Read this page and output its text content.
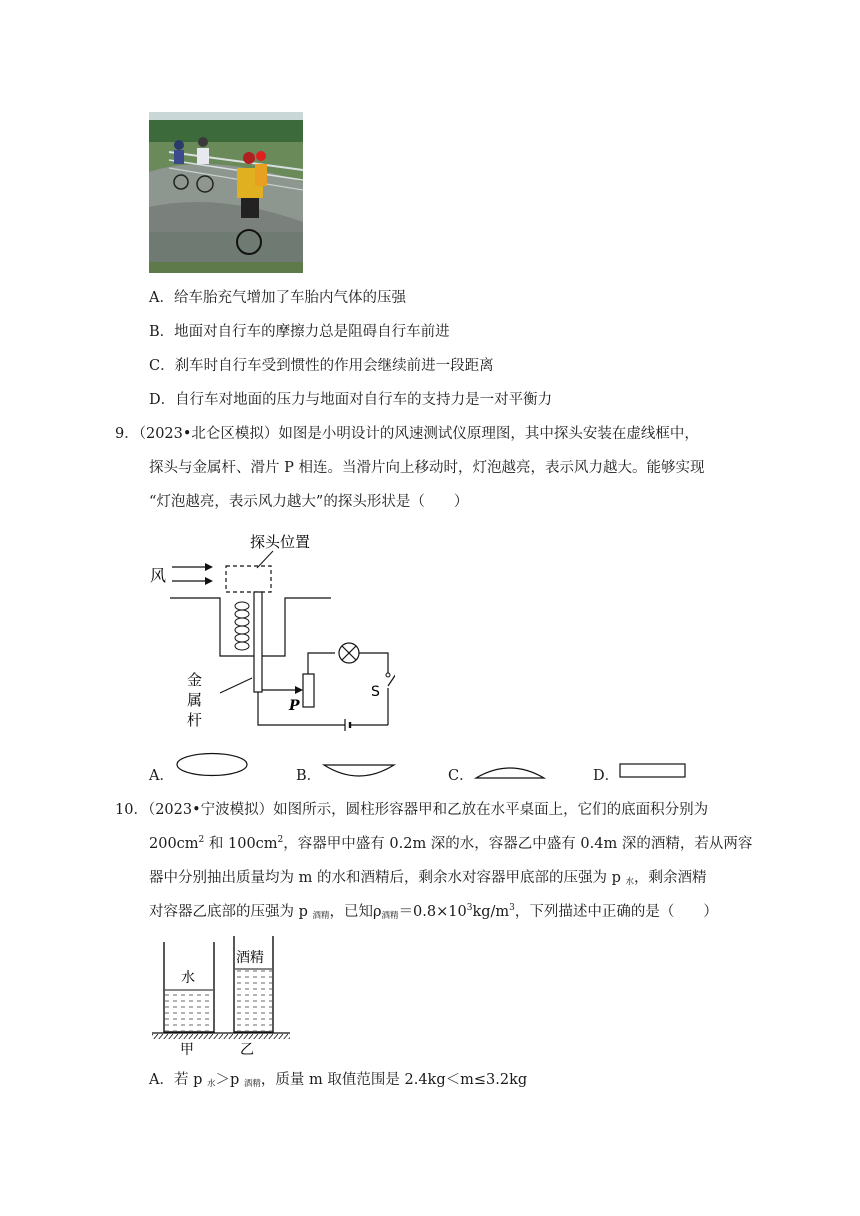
A．给车胎充气增加了车胎内气体的压强
B．地面对自行车的摩擦力总是阻碍自行车前进
C．刹车时自行车受到惯性的作用会继续前进一段距离
D．自行车对地面的压力与地面对自行车的支持力是一对平衡力
9．（2023•北仑区模拟）如图是小明设计的风速测试仪原理图，其中探头安装在虚线框中，
探头与金属杆、滑片 P 相连。当滑片向上移动时，灯泡越亮，表示风力越大。能够实现
“灯泡越亮，表示风力越大”的探头形状是（　　）
探头位置
风
金
属
杆
P
S
A．	B．	C．	D．
10．（2023•宁波模拟）如图所示，圆柱形容器甲和乙放在水平桌面上，它们的底面积分别为
$200cm^2$ 和 $100cm^2$，容器甲中盛有 0.2m 深的水，容器乙中盛有 0.4m 深的酒精，若从两容
器中分别抽出质量均为 m 的水和酒精后，剩余水对容器甲底部的压强为 p $_水$，剩余酒精
对容器乙底部的压强为 p $_{酒精}$，已知$\rho_{酒精}=0.8\times 10^3kg/m^3$，下列描述中正确的是（　　）
水
酒精
甲	乙
A．若 p $_水$＞p $_{酒精}$，质量 m 取值范围是 2.4kg＜m≤3.2kg
